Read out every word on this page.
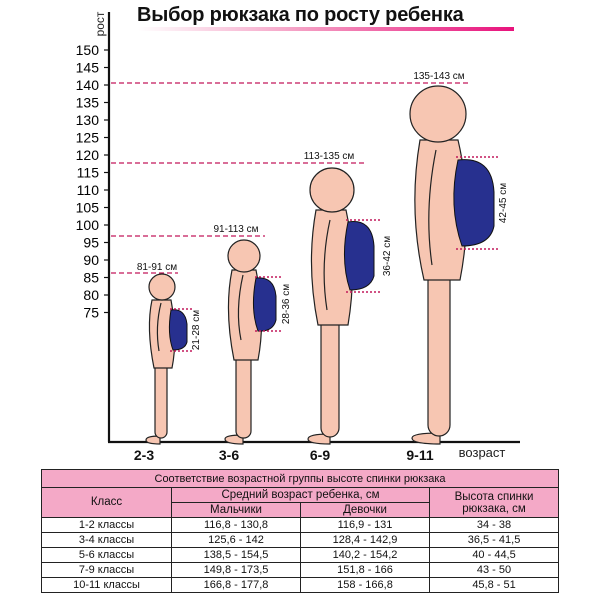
Выбор рюкзака по росту ребенка
рост
возраст
150
145
140
135
130
125
120
115
110
105
100
95
90
85
80
75
81-91 см
91-113 см
113-135 см
135-143 см
21-28 см
28-36 см
36-42 см
42-45 см
2-3	3-6	6-9	9-11
Соответствие возрастной группы высоте спинки рюкзака			
Класс	Средний возраст ребенка, см		Высота спинки рюкзака, см
	Мальчики	Девочки	
1-2 классы	116,8 - 130,8	116,9 - 131	34 - 38
3-4 классы	125,6 - 142	128,4 - 142,9	36,5 - 41,5
5-6 классы	138,5 - 154,5	140,2 - 154,2	40 - 44,5
7-9 классы	149,8 - 173,5	151,8 - 166	43 - 50
10-11 классы	166,8 - 177,8	158 - 166,8	45,8 - 51
